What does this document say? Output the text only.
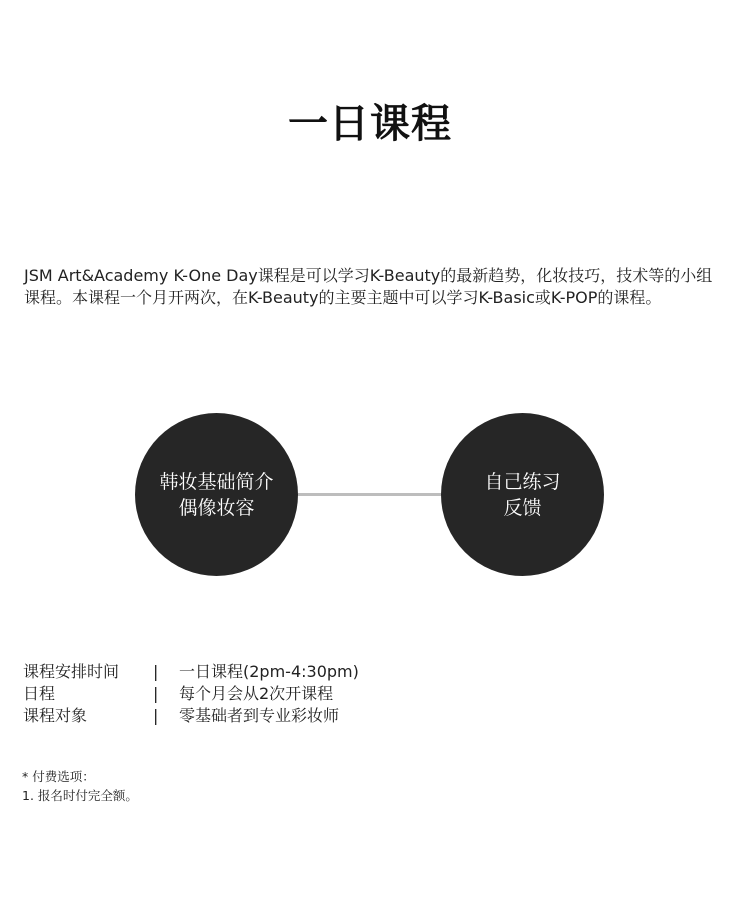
一日课程
JSM Art&Academy K-One Day课程是可以学习K-Beauty的最新趋势，化妆技巧，技术等的小组课程。本课程一个月开两次，在K-Beauty的主要主题中可以学习K-Basic或K-POP的课程。
韩妆基础简介
偶像妆容
自己练习
反馈
课程安排时间	|	一日课程(2pm-4:30pm)
日程	|	每个月会从2次开课程
课程对象	|	零基础者到专业彩妆师
* 付费选项：
1. 报名时付完全额。
